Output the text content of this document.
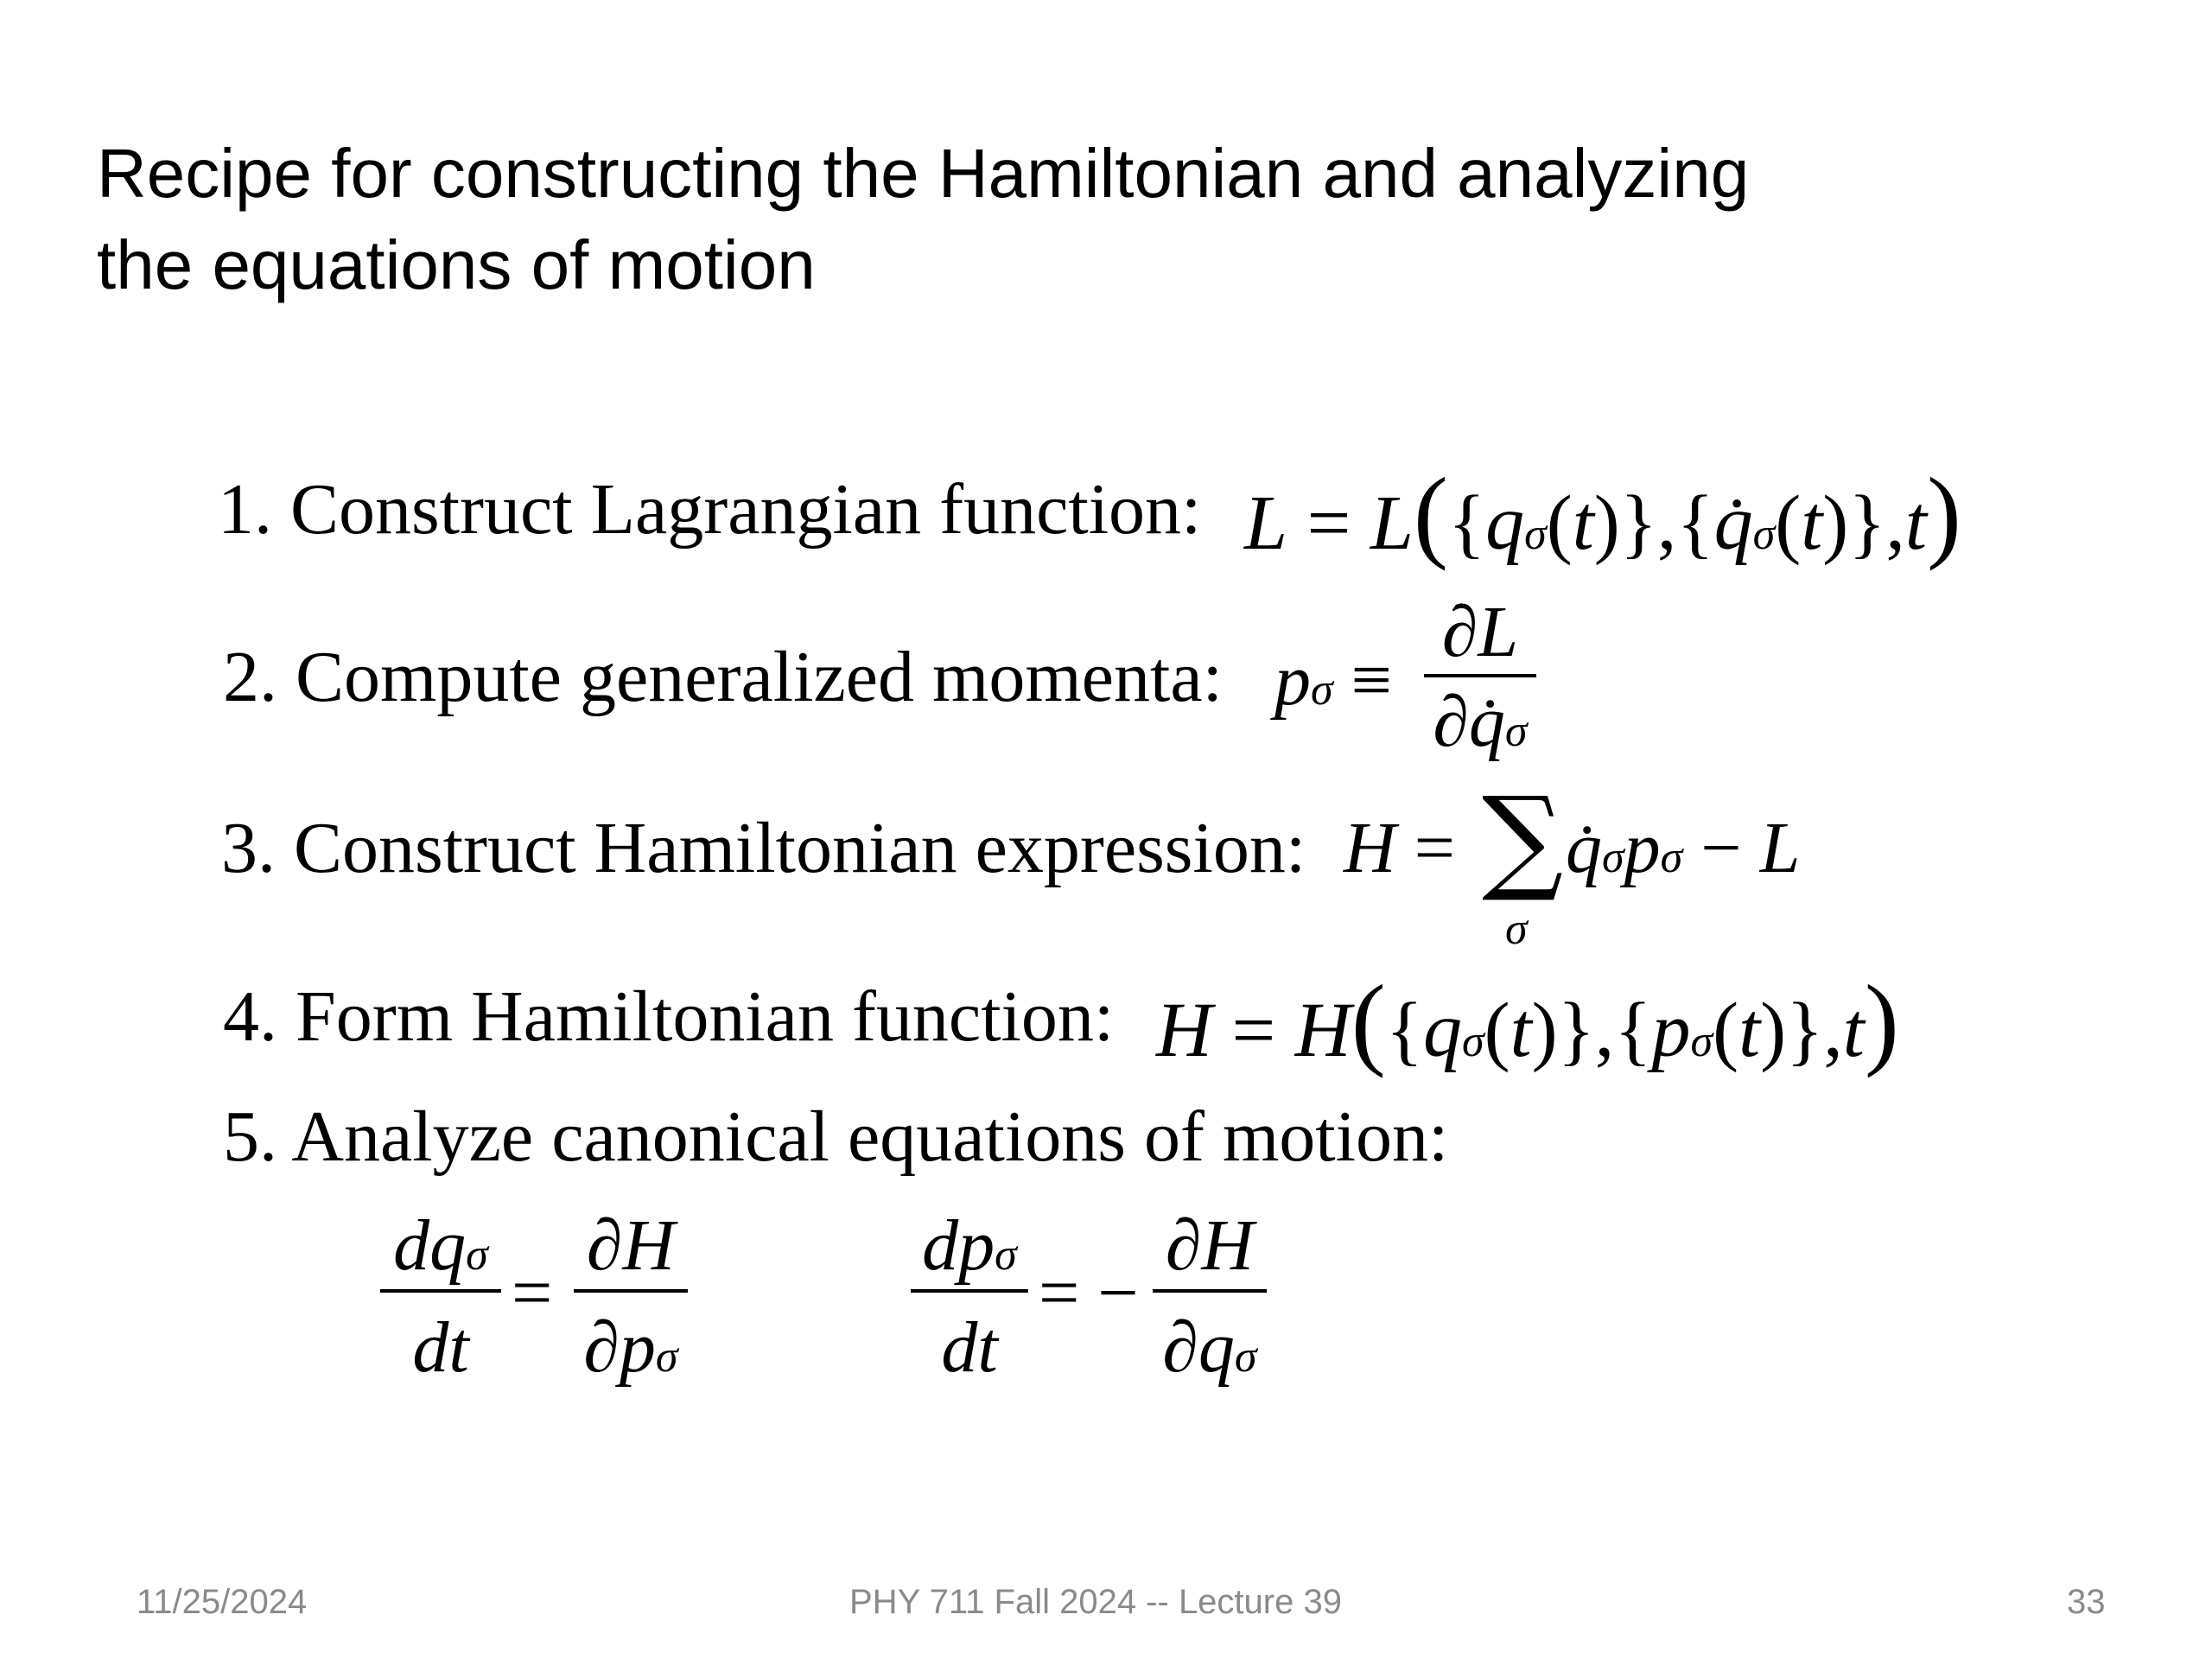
Recipe for constructing the Hamiltonian and analyzing
the equations of motion
1. Construct Lagrangian function: L = L({qσ(t)},{q̇σ(t)},t)
2. Compute generalized momenta: pσ ≡
∂L
∂q̇σ
3. Construct Hamiltonian expression: H = ∑
σ
q̇σpσ − L
4. Form Hamiltonian function: H = H({qσ(t)},{pσ(t)},t)
5. Analyze canonical equations of motion:
dqσ
dt
=
∂H
∂pσ
dpσ
dt
= −
∂H
∂qσ
11/25/2024	PHY 711 Fall 2024 -- Lecture 39	33
